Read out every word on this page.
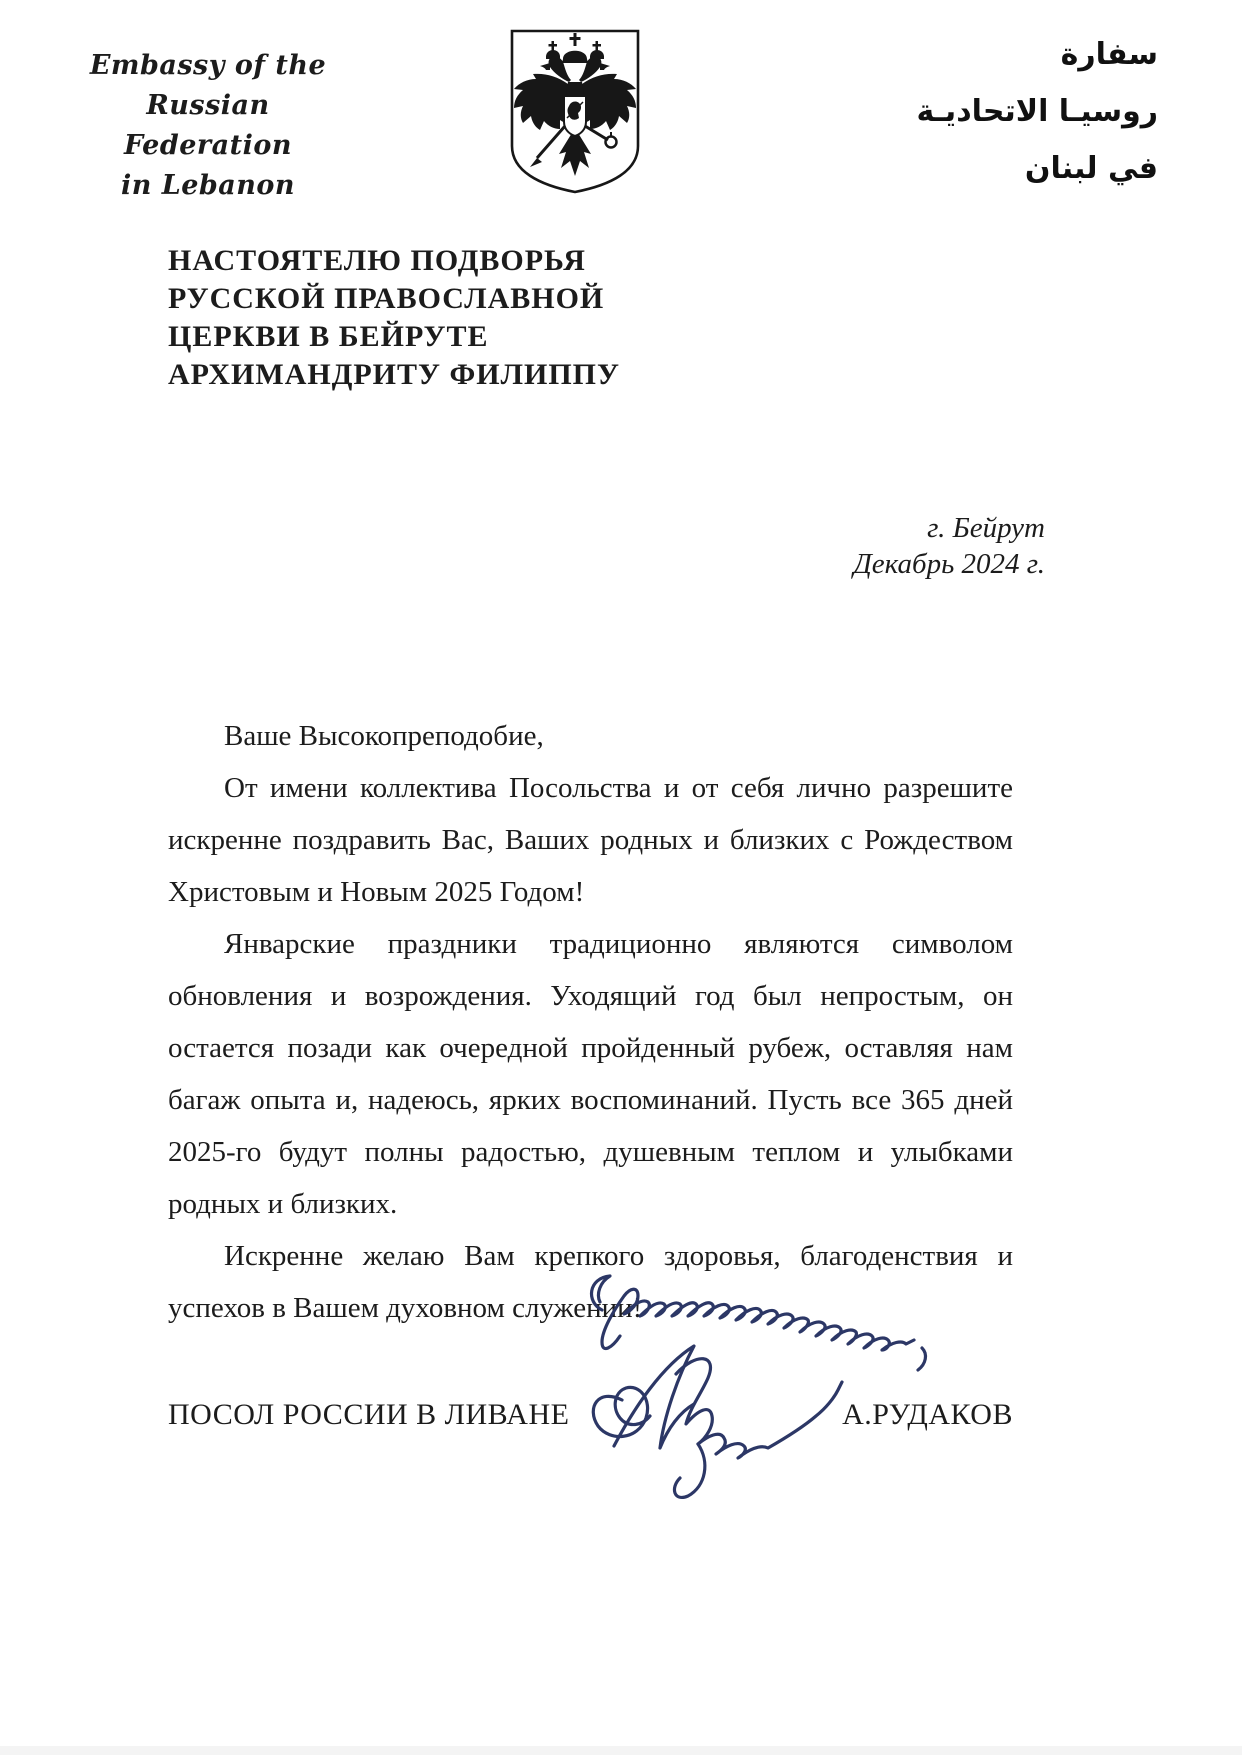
Embassy of the
Russian Federation
in Lebanon
سفارة
روسيـا الاتحاديـة
في لبنان
НАСТОЯТЕЛЮ ПОДВОРЬЯ
РУССКОЙ ПРАВОСЛАВНОЙ
ЦЕРКВИ В БЕЙРУТЕ
АРХИМАНДРИТУ ФИЛИППУ
г. Бейрут
Декабрь 2024 г.

Ваше Высокопреподобие,

От имени коллектива Посольства и от себя лично разрешите искренне поздравить Вас, Ваших родных и близких с Рождеством Христовым и Новым 2025 Годом!

Январские праздники традиционно являются символом обновления и возрождения. Уходящий год был непростым, он остается позади как очередной пройденный рубеж, оставляя нам багаж опыта и, надеюсь, ярких воспоминаний. Пусть все 365 дней 2025-го будут полны радостью, душевным теплом и улыбками родных и близких.

Искренне желаю Вам крепкого здоровья, благоденствия и успехов в Вашем духовном служении!

ПОСОЛ РОССИИ В ЛИВАНЕ	А.РУДАКОВ
